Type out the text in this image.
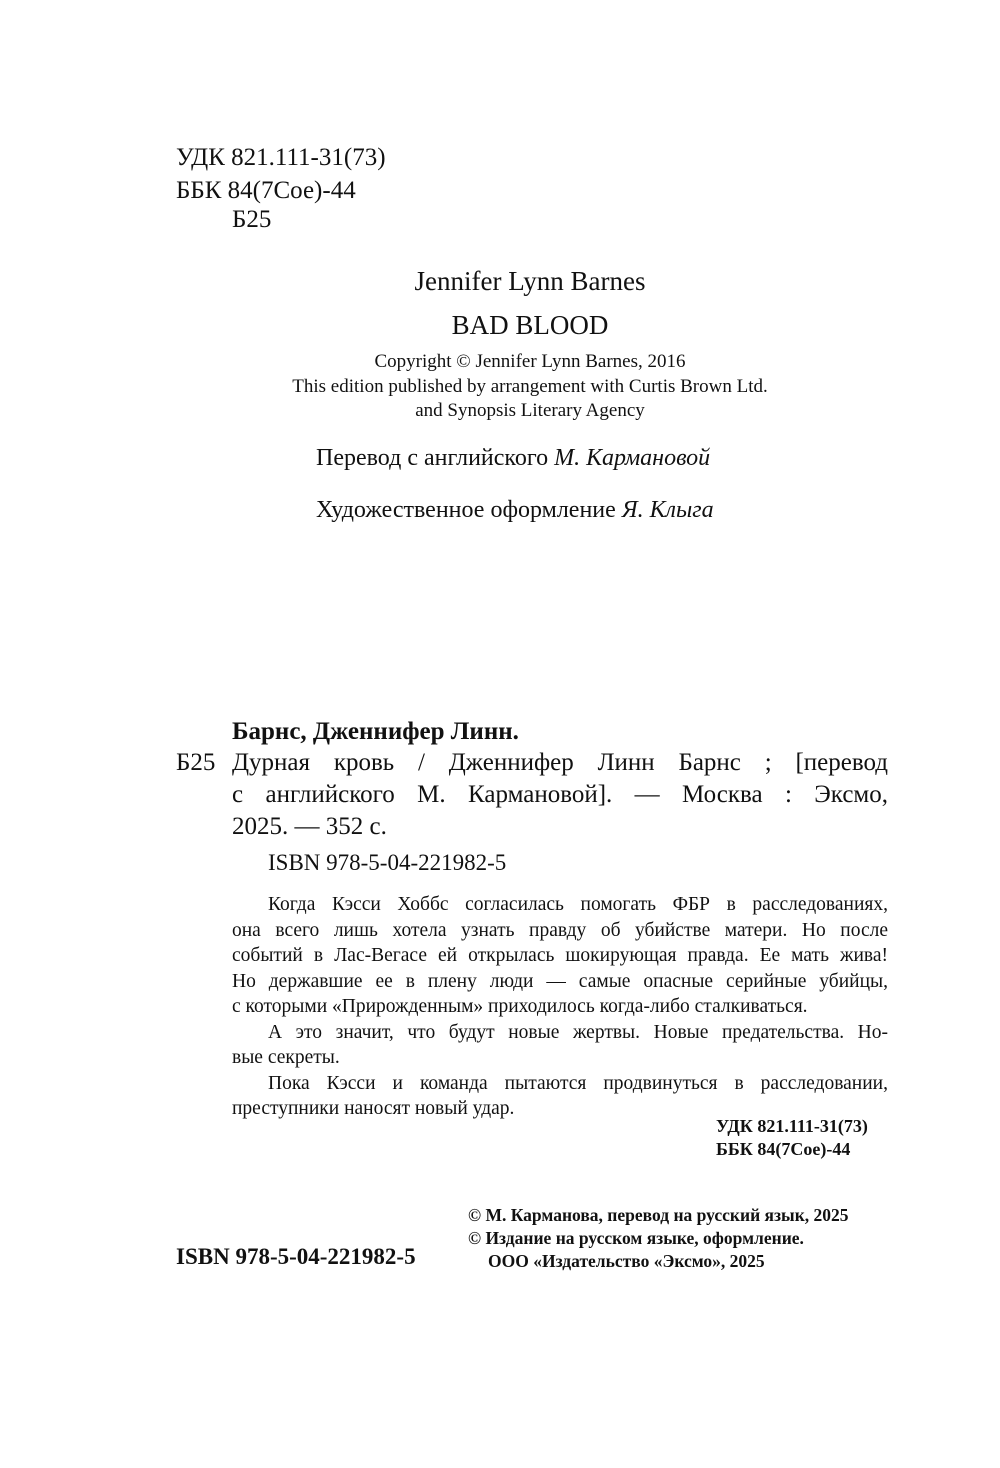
УДК 821.111-31(73)
ББК 84(7Сое)-44
Б25
Jennifer Lynn Barnes
BAD BLOOD
Copyright © Jennifer Lynn Barnes, 2016
This edition published by arrangement with Curtis Brown Ltd.
and Synopsis Literary Agency
Перевод с английского М. Кармановой
Художественное оформление Я. Клыга
Барнс, Дженнифер Линн.
Б25 Дурная кровь / Дженнифер Линн Барнс ; [перевод
с английского М. Кармановой]. — Москва : Эксмо,
2025. — 352 с.
ISBN 978-5-04-221982-5
Когда Кэсси Хоббс согласилась помогать ФБР в расследованиях,
она всего лишь хотела узнать правду об убийстве матери. Но после
событий в Лас-Вегасе ей открылась шокирующая правда. Ее мать жива!
Но державшие ее в плену люди — самые опасные серийные убийцы,
с которыми «Прирожденным» приходилось когда-либо сталкиваться.
А это значит, что будут новые жертвы. Новые предательства. Но-
вые секреты.
Пока Кэсси и команда пытаются продвинуться в расследовании,
преступники наносят новый удар.
УДК 821.111-31(73)
ББК 84(7Сое)-44
© М. Карманова, перевод на русский язык, 2025
© Издание на русском языке, оформление.
ООО «Издательство «Эксмо», 2025
ISBN 978-5-04-221982-5
